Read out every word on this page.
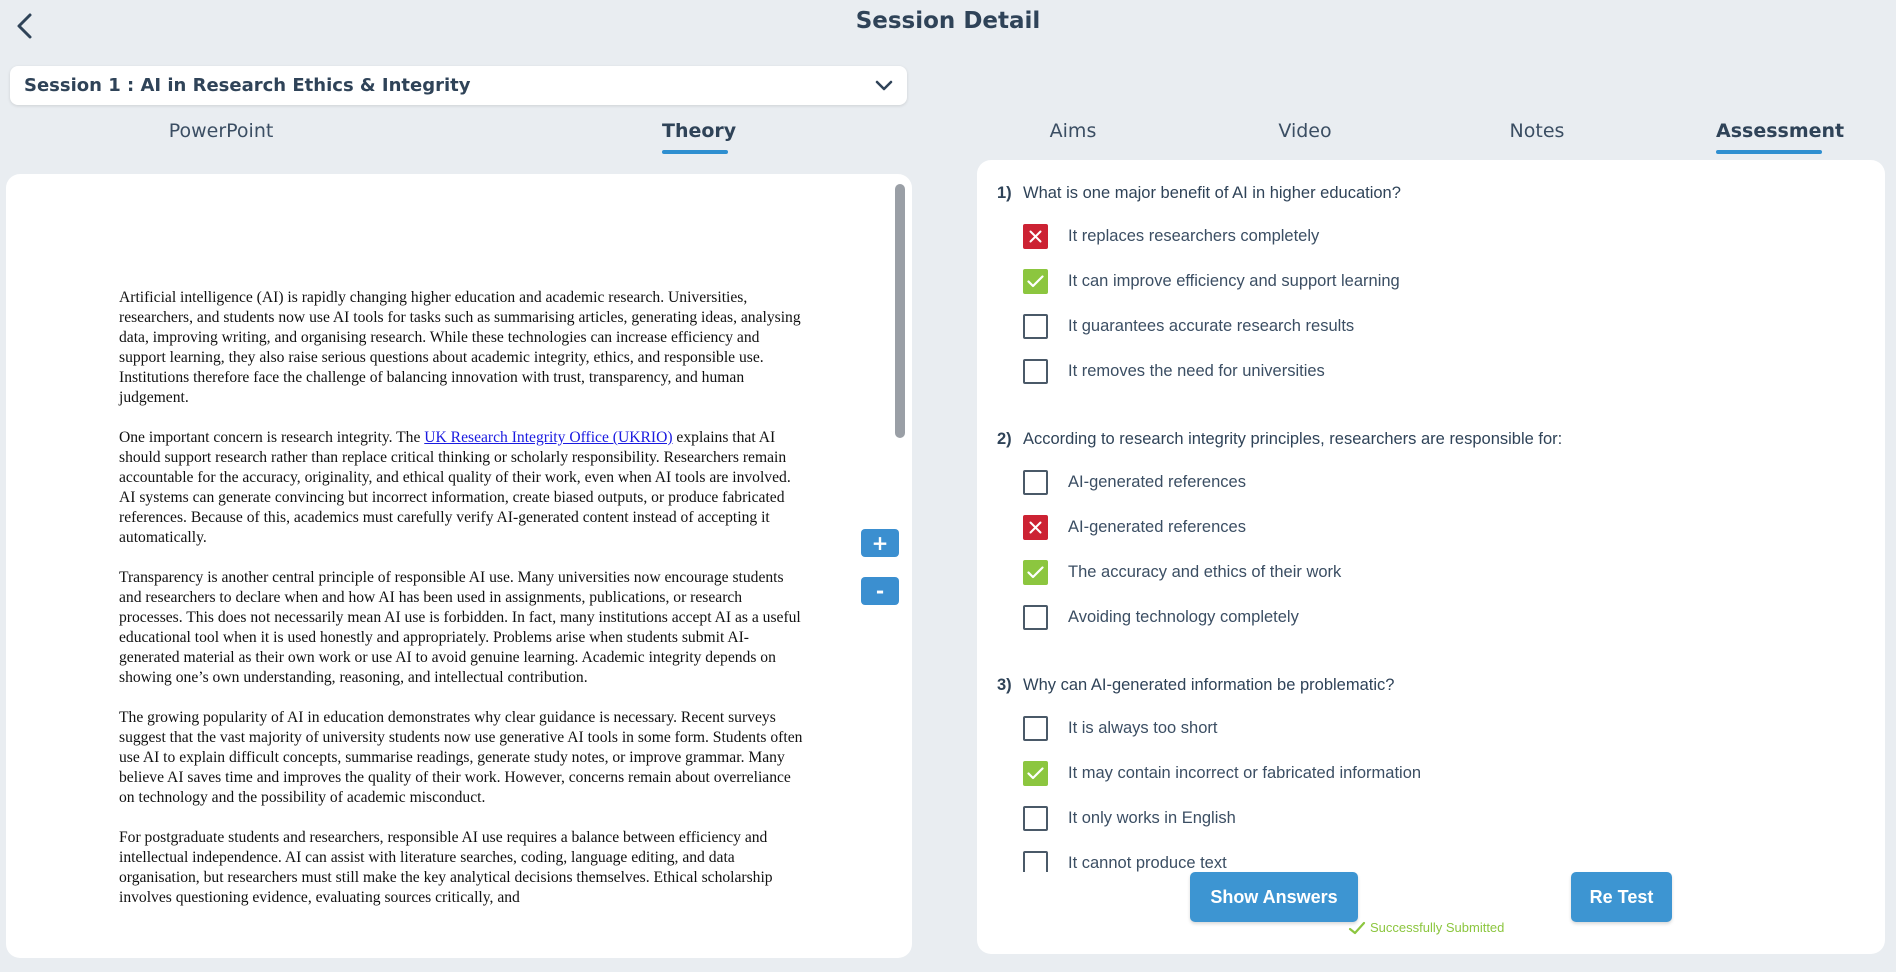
Session Detail
Session 1 : AI in Research Ethics & Integrity
PowerPoint	Theory	Aims	Video	Notes	Assessment

Artificial intelligence (AI) is rapidly changing higher education and academic research. Universities, researchers, and students now use AI tools for tasks such as summarising articles, generating ideas, analysing data, improving writing, and organising research. While these technologies can increase efficiency and support learning, they also raise serious questions about academic integrity, ethics, and responsible use. Institutions therefore face the challenge of balancing innovation with trust, transparency, and human judgement.

One important concern is research integrity. The UK Research Integrity Office (UKRIO) explains that AI should support research rather than replace critical thinking or scholarly responsibility. Researchers remain accountable for the accuracy, originality, and ethical quality of their work, even when AI tools are involved. AI systems can generate convincing but incorrect information, create biased outputs, or produce fabricated references. Because of this, academics must carefully verify AI-generated content instead of accepting it automatically.

Transparency is another central principle of responsible AI use. Many universities now encourage students and researchers to declare when and how AI has been used in assignments, publications, or research processes. This does not necessarily mean AI use is forbidden. In fact, many institutions accept AI as a useful educational tool when it is used honestly and appropriately. Problems arise when students submit AI-generated material as their own work or use AI to avoid genuine learning. Academic integrity depends on showing one’s own understanding, reasoning, and intellectual contribution.

The growing popularity of AI in education demonstrates why clear guidance is necessary. Recent surveys suggest that the vast majority of university students now use generative AI tools in some form. Students often use AI to explain difficult concepts, summarise readings, generate study notes, or improve grammar. Many believe AI saves time and improves the quality of their work. However, concerns remain about overreliance on technology and the possibility of academic misconduct.

For postgraduate students and researchers, responsible AI use requires a balance between efficiency and intellectual independence. AI can assist with literature searches, coding, language editing, and data organisation, but researchers must still make the key analytical decisions themselves. Ethical scholarship involves questioning evidence, evaluating sources critically, and

+
-
1) What is one major benefit of AI in higher education?
It replaces researchers completely
It can improve efficiency and support learning
It guarantees accurate research results
It removes the need for universities
2) According to research integrity principles, researchers are responsible for:
AI-generated references
AI-generated references
The accuracy and ethics of their work
Avoiding technology completely
3) Why can AI-generated information be problematic?
It is always too short
It may contain incorrect or fabricated information
It only works in English
It cannot produce text
Show Answers	Re Test
Successfully Submitted
